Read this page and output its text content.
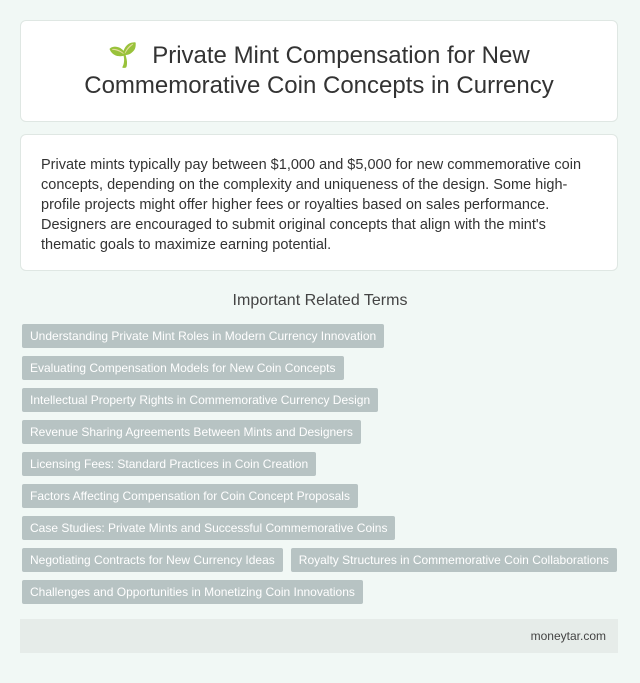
🌱 Private Mint Compensation for New Commemorative Coin Concepts in Currency

Private mints typically pay between $1,000 and $5,000 for new commemorative coin concepts, depending on the complexity and uniqueness of the design. Some high-profile projects might offer higher fees or royalties based on sales performance. Designers are encouraged to submit original concepts that align with the mint's thematic goals to maximize earning potential.

Important Related Terms
Understanding Private Mint Roles in Modern Currency Innovation
Evaluating Compensation Models for New Coin Concepts
Intellectual Property Rights in Commemorative Currency Design
Revenue Sharing Agreements Between Mints and Designers
Licensing Fees: Standard Practices in Coin Creation
Factors Affecting Compensation for Coin Concept Proposals
Case Studies: Private Mints and Successful Commemorative Coins
Negotiating Contracts for New Currency Ideas	Royalty Structures in Commemorative Coin Collaborations
Challenges and Opportunities in Monetizing Coin Innovations
moneytar.com
